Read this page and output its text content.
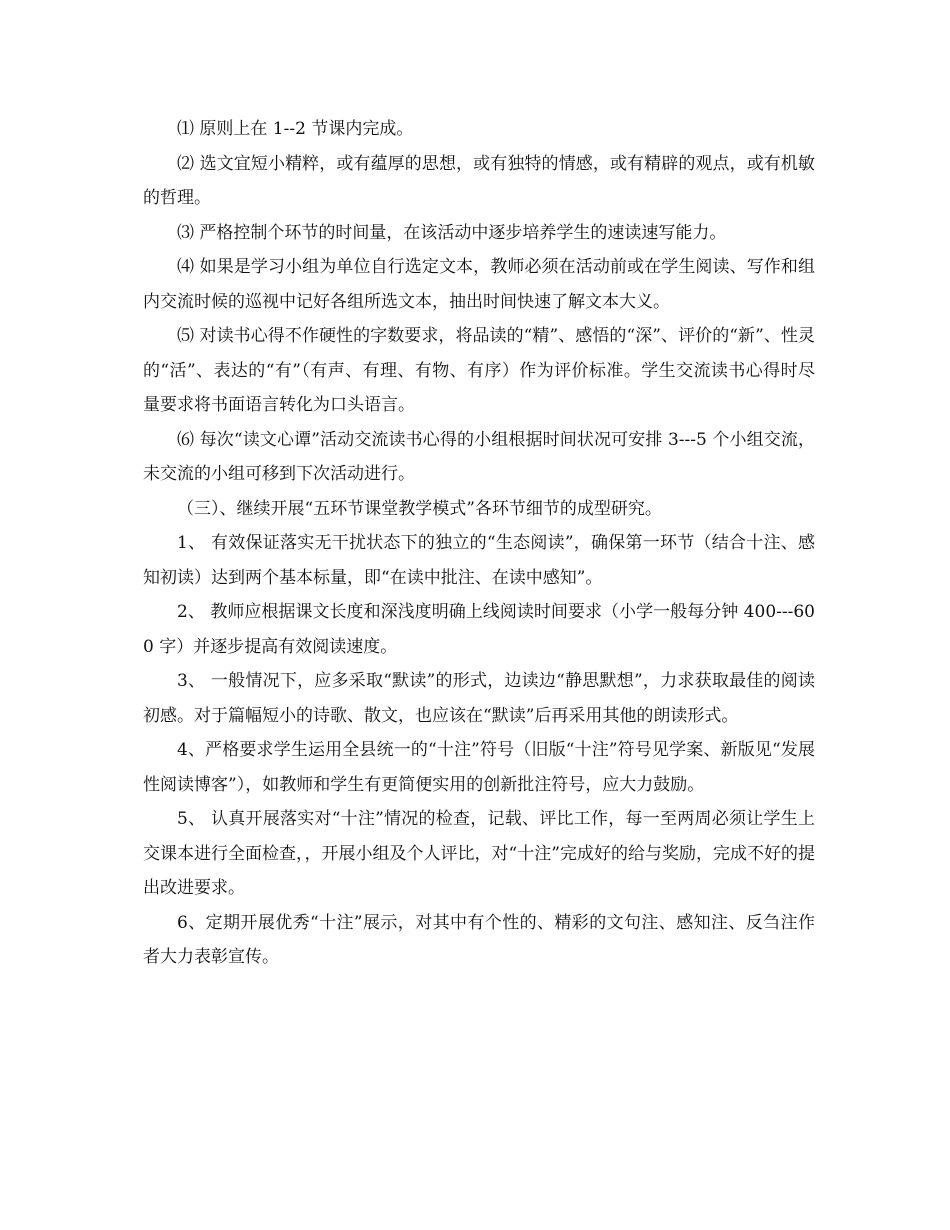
⑴ 原则上在 1--2 节课内完成。

⑵ 选文宜短小精粹，或有蕴厚的思想，或有独特的情感，或有精辟的观点，或有机敏的哲理。

⑶ 严格控制个环节的时间量，在该活动中逐步培养学生的速读速写能力。

⑷ 如果是学习小组为单位自行选定文本，教师必须在活动前或在学生阅读、写作和组内交流时候的巡视中记好各组所选文本，抽出时间快速了解文本大义。

⑸ 对读书心得不作硬性的字数要求，将品读的“精”、感悟的“深”、评价的“新”、性灵的“活”、表达的“有”（有声、有理、有物、有序）作为评价标准。学生交流读书心得时尽量要求将书面语言转化为口头语言。

⑹ 每次“读文心谭”活动交流读书心得的小组根据时间状况可安排 3---5 个小组交流，未交流的小组可移到下次活动进行。

（三）、继续开展“五环节课堂教学模式”各环节细节的成型研究。

1、 有效保证落实无干扰状态下的独立的“生态阅读”，确保第一环节（结合十注、感知初读）达到两个基本标量，即“在读中批注、在读中感知”。

2、 教师应根据课文长度和深浅度明确上线阅读时间要求（小学一般每分钟 400---600 字）并逐步提高有效阅读速度。

3、 一般情况下，应多采取“默读”的形式，边读边“静思默想”，力求获取最佳的阅读初感。对于篇幅短小的诗歌、散文，也应该在“默读”后再采用其他的朗读形式。

4、严格要求学生运用全县统一的“十注”符号（旧版“十注”符号见学案、新版见“发展性阅读博客”），如教师和学生有更简便实用的创新批注符号，应大力鼓励。

5、 认真开展落实对“十注”情况的检查，记载、评比工作，每一至两周必须让学生上交课本进行全面检查，，开展小组及个人评比，对“十注”完成好的给与奖励，完成不好的提出改进要求。

6、定期开展优秀“十注”展示，对其中有个性的、精彩的文句注、感知注、反刍注作者大力表彰宣传。
